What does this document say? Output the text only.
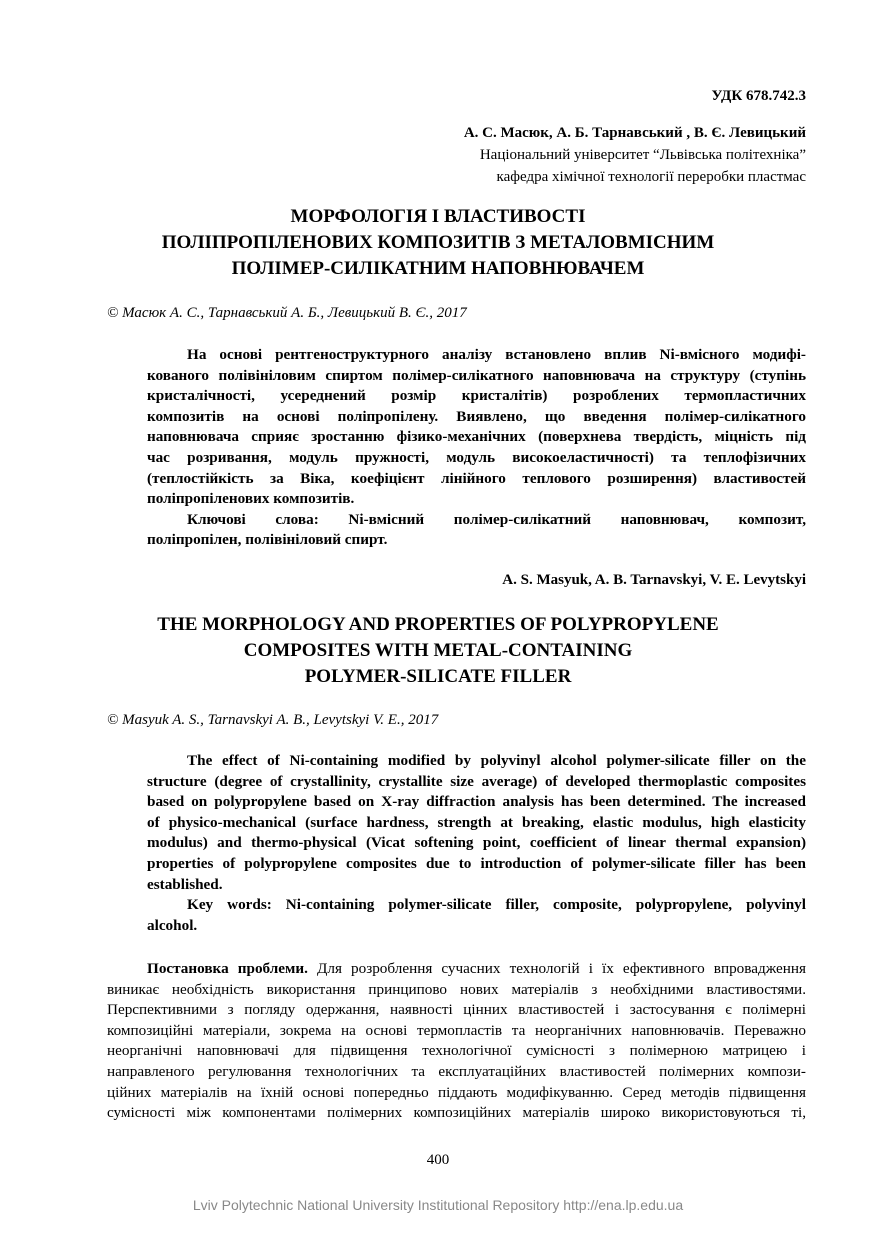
УДК 678.742.3
А. С. Масюк, А. Б. Тарнавський , В. Є. Левицький
Національний університет “Львівська політехніка”
кафедра хімічної технології переробки пластмас
МОРФОЛОГІЯ І ВЛАСТИВОСТІ
ПОЛІПРОПІЛЕНОВИХ КОМПОЗИТІВ З МЕТАЛОВМІСНИМ
ПОЛІМЕР-СИЛІКАТНИМ НАПОВНЮВАЧЕМ
© Масюк А. С., Тарнавський А. Б., Левицький В. Є., 2017
На основі рентгеноструктурного аналізу встановлено вплив Ni-вмісного модифі-
кованого полівініловим спиртом полімер-силікатного наповнювача на структуру (ступінь
кристалічності, усереднений розмір кристалітів) розроблених термопластичних
композитів на основі поліпропілену. Виявлено, що введення полімер-силікатного
наповнювача сприяє зростанню фізико-механічних (поверхнева твердість, міцність під
час розривання, модуль пружності, модуль високоеластичності) та теплофізичних
(теплостійкість за Віка, коефіцієнт лінійного теплового розширення) властивостей
поліпропіленових композитів.
Ключові слова: Ni-вмісний полімер-силікатний наповнювач, композит,
поліпропілен, полівініловий спирт.
A. S. Masyuk, A. B. Tarnavskyi, V. E. Levytskyi
THE MORPHOLOGY AND PROPERTIES OF POLYPROPYLENE
COMPOSITES WITH METAL-CONTAINING
POLYMER-SILICATE FILLER
© Masyuk A. S., Tarnavskyi A. B., Levytskyi V. E., 2017
The effect of Ni-containing modified by polyvinyl alcohol polymer-silicate filler on the
structure (degree of crystallinity, crystallite size average) of developed thermoplastic composites
based on polypropylene based on X-ray diffraction analysis has been determined. The increased
of physico-mechanical (surface hardness, strength at breaking, elastic modulus, high elasticity
modulus) and thermo-physical (Vicat softening point, coefficient of linear thermal expansion)
properties of polypropylene composites due to introduction of polymer-silicate filler has been
established.
Key words: Ni-containing polymer-silicate filler, composite, polypropylene, polyvinyl
alcohol.
Постановка проблеми. Для розроблення сучасних технологій і їх ефективного впровадження
виникає необхідність використання принципово нових матеріалів з необхідними властивостями.
Перспективними з погляду одержання, наявності цінних властивостей і застосування є полімерні
композиційні матеріали, зокрема на основі термопластів та неорганічних наповнювачів. Переважно
неорганічні наповнювачі для підвищення технологічної сумісності з полімерною матрицею і
направленого регулювання технологічних та експлуатаційних властивостей полімерних компози-
ційних матеріалів на їхній основі попередньо піддають модифікуванню. Серед методів підвищення
сумісності між компонентами полімерних композиційних матеріалів широко використовуються ті,
400
Lviv Polytechnic National University Institutional Repository http://ena.lp.edu.ua
